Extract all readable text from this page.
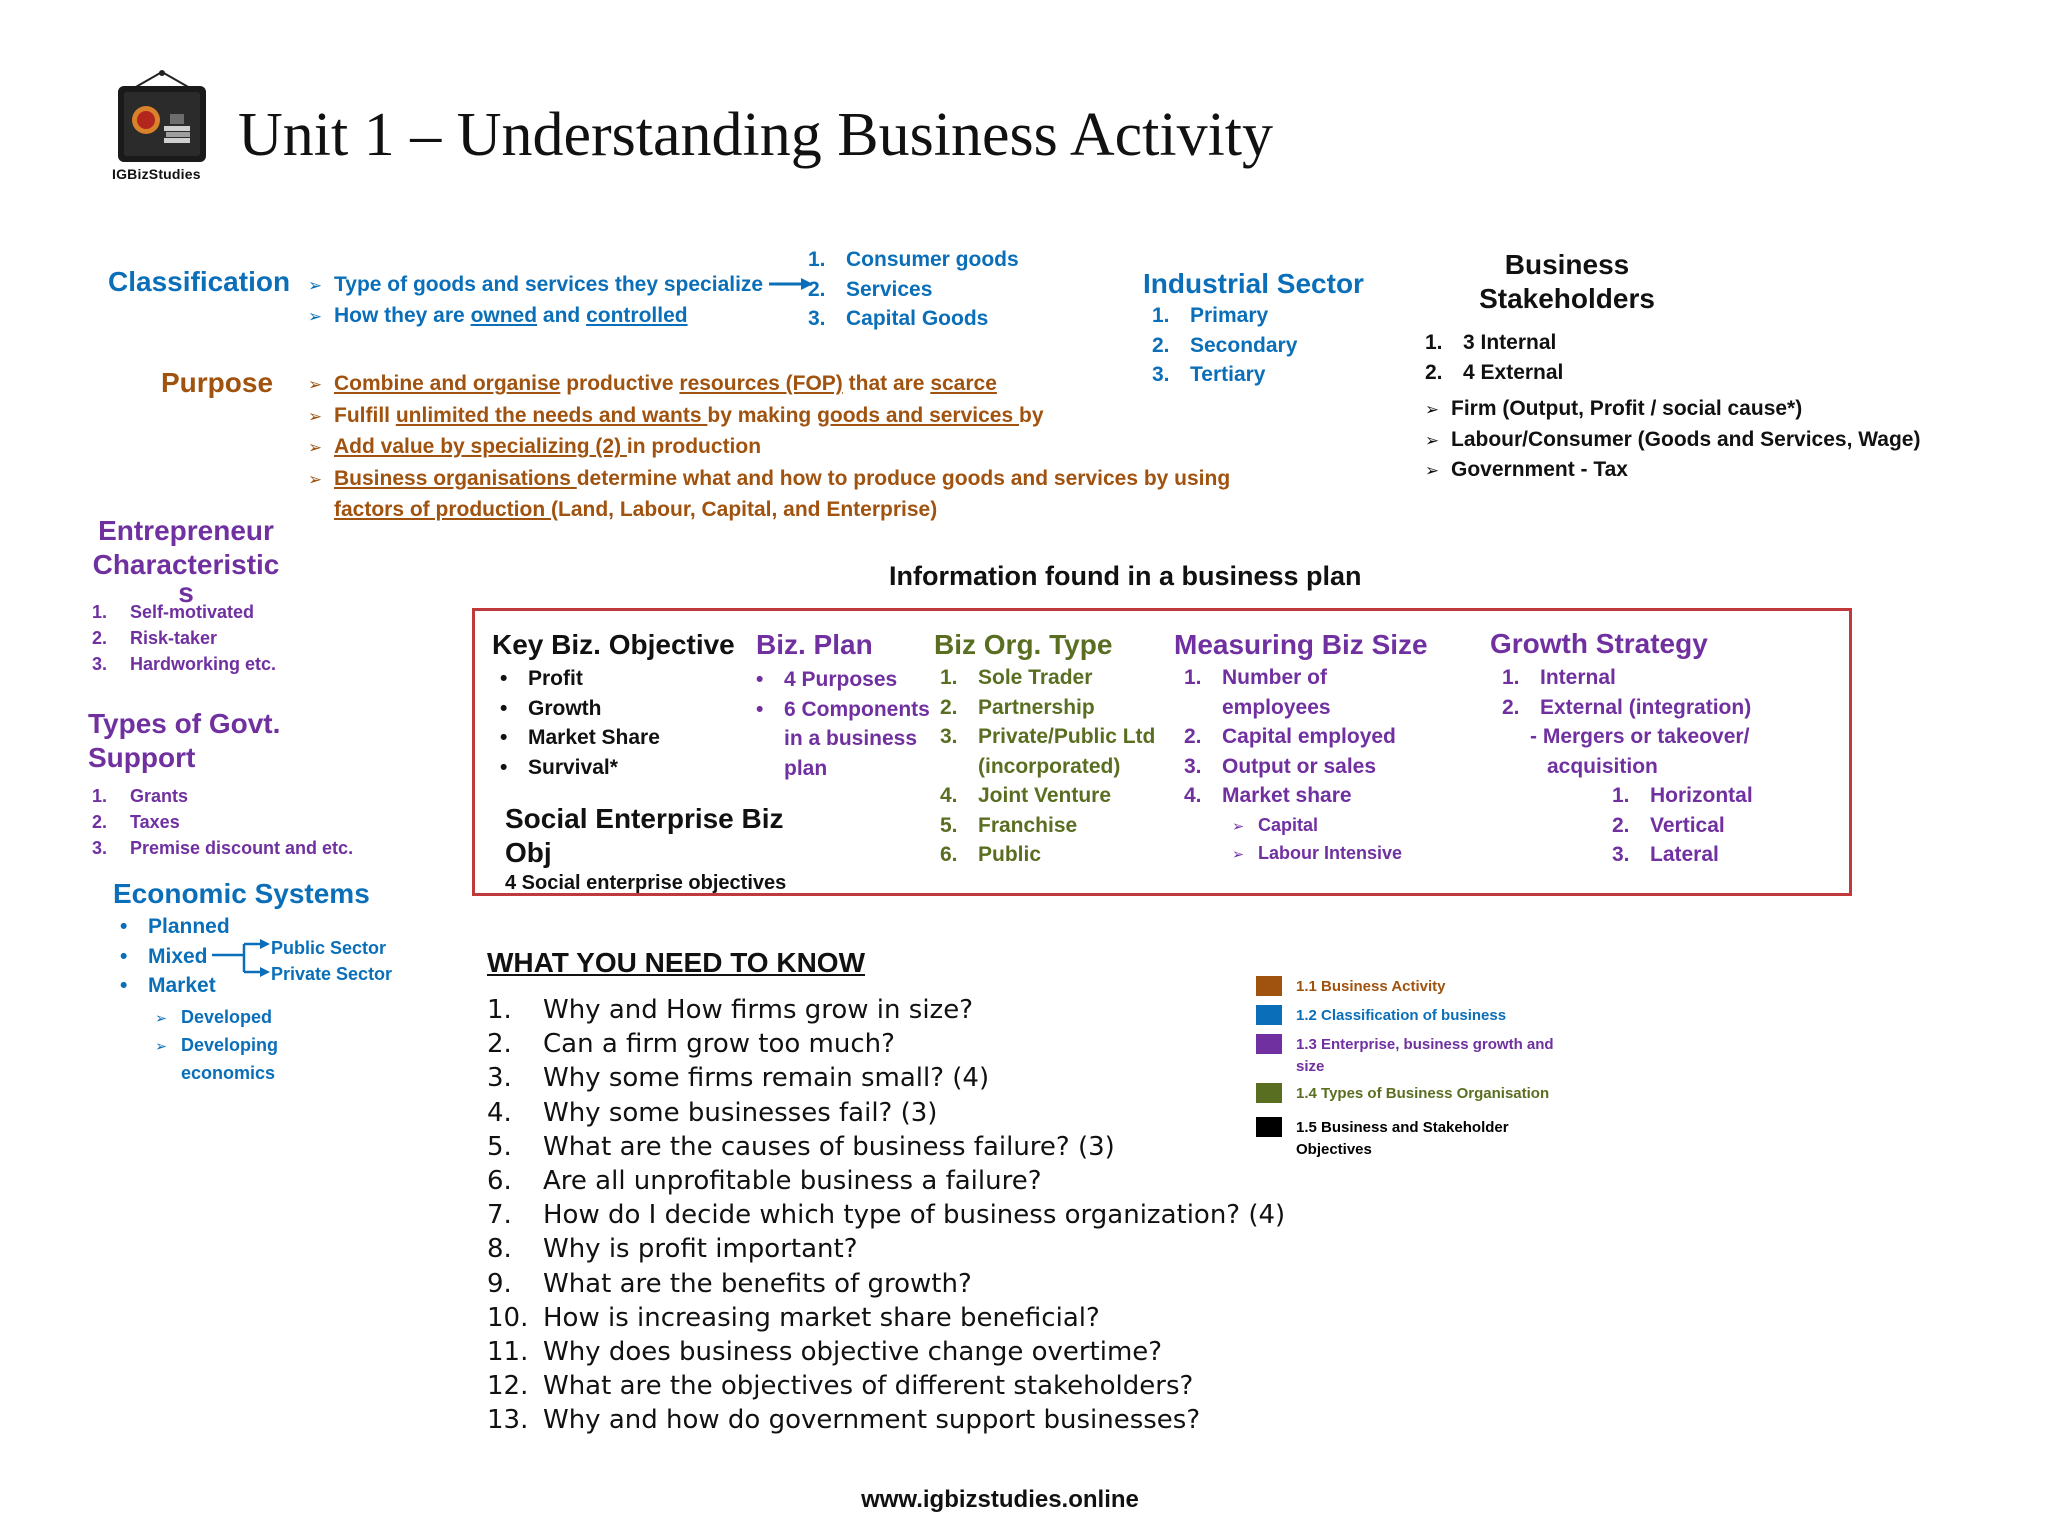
IGBizStudies
Unit 1 – Understanding Business Activity
Classification ➢ Type of goods and services they specialize
➢ How they are
owned
and
controlled
1. Consumer goods
2. Services
3. Capital Goods
Industrial Sector
1. Primary
2. Secondary
3. Tertiary
Business
Stakeholders
1. 3 Internal
2. 4 External
➢ Firm (Output, Profit / social cause*)
➢ Labour/Consumer (Goods and Services, Wage)
➢ Government - Tax
Purpose ➢ Combine and organise productive resources (FOP) that are scarce
➢ Fulfill unlimited the needs and wants by making goods and services by
➢ Add value by specializing (2) in production
➢ Business organisations determine what and how to produce goods and services by using
factors of production (Land, Labour, Capital, and Enterprise)
Entrepreneur
Characteristic
s
1.	Self-motivated
2.	Risk-taker
3.	Hardworking etc.
Types of Govt.
Support
1.	Grants
2.	Taxes
3.	Premise discount and etc.
Economic Systems
• Planned
• Mixed
• Market
Public Sector
Private Sector
➢ Developed
➢ Developing
economics
Information found in a business plan
Key Biz. Objective
• Profit
• Growth
• Market Share
• Survival*
Social Enterprise Biz
Obj
4 Social enterprise objectives
Biz. Plan
• 4 Purposes
• 6 Components
in a business
plan
Biz Org. Type
1. Sole Trader
2. Partnership
3. Private/Public Ltd
(incorporated)
4. Joint Venture
5. Franchise
6. Public
Measuring Biz Size
1. Number of
employees
2. Capital employed
3. Output or sales
4. Market share
➢ Capital
➢ Labour Intensive
Growth Strategy
1. Internal
2. External (integration)
- Mergers or takeover/
acquisition
1. Horizontal
2. Vertical
3. Lateral
WHAT YOU NEED TO KNOW
1.	Why and How firms grow in size?
2.	Can a firm grow too much?
3.	Why some firms remain small? (4)
4.	Why some businesses fail? (3)
5.	What are the causes of business failure? (3)
6.	Are all unprofitable business a failure?
7.	How do I decide which type of business organization? (4)
8.	Why is profit important?
9.	What are the benefits of growth?
10. How is increasing market share beneficial?
11. Why does business objective change overtime?
12. What are the objectives of different stakeholders?
13. Why and how do government support businesses?
1.1 Business Activity
1.2 Classification of business
1.3 Enterprise, business growth and size
1.4 Types of Business Organisation
1.5 Business and Stakeholder Objectives
www.igbizstudies.online
